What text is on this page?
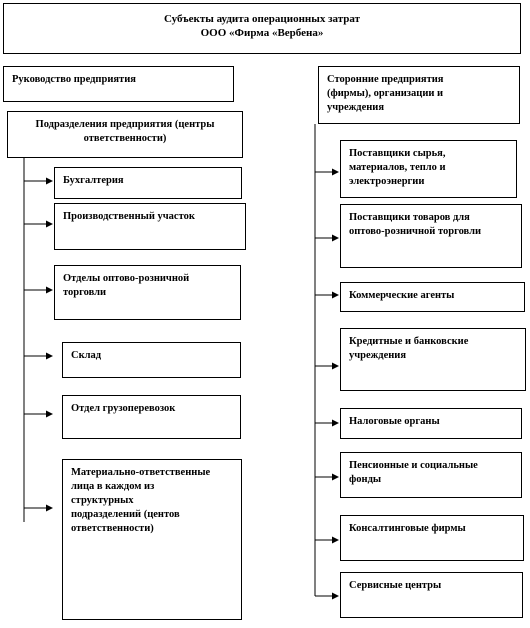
Субъекты аудита операционных затрат
ООО «Фирма «Вербена»
Руководство предприятия
Подразделения предприятия (центры
ответственности)
Бухгалтерия
Производственный участок
Отделы оптово-розничной
торговли
Склад
Отдел грузоперевозок
Материально-ответственные
лица в каждом из
структурных
подразделений (центов
ответственности)
Сторонние предприятия
(фирмы), организации и
учреждения
Поставщики сырья,
материалов, тепло и
электроэнергии
Поставщики товаров для
оптово-розничной торговли
Коммерческие агенты
Кредитные и банковские
учреждения
Налоговые органы
Пенсионные и социальные
фонды
Консалтинговые фирмы
Сервисные центры
